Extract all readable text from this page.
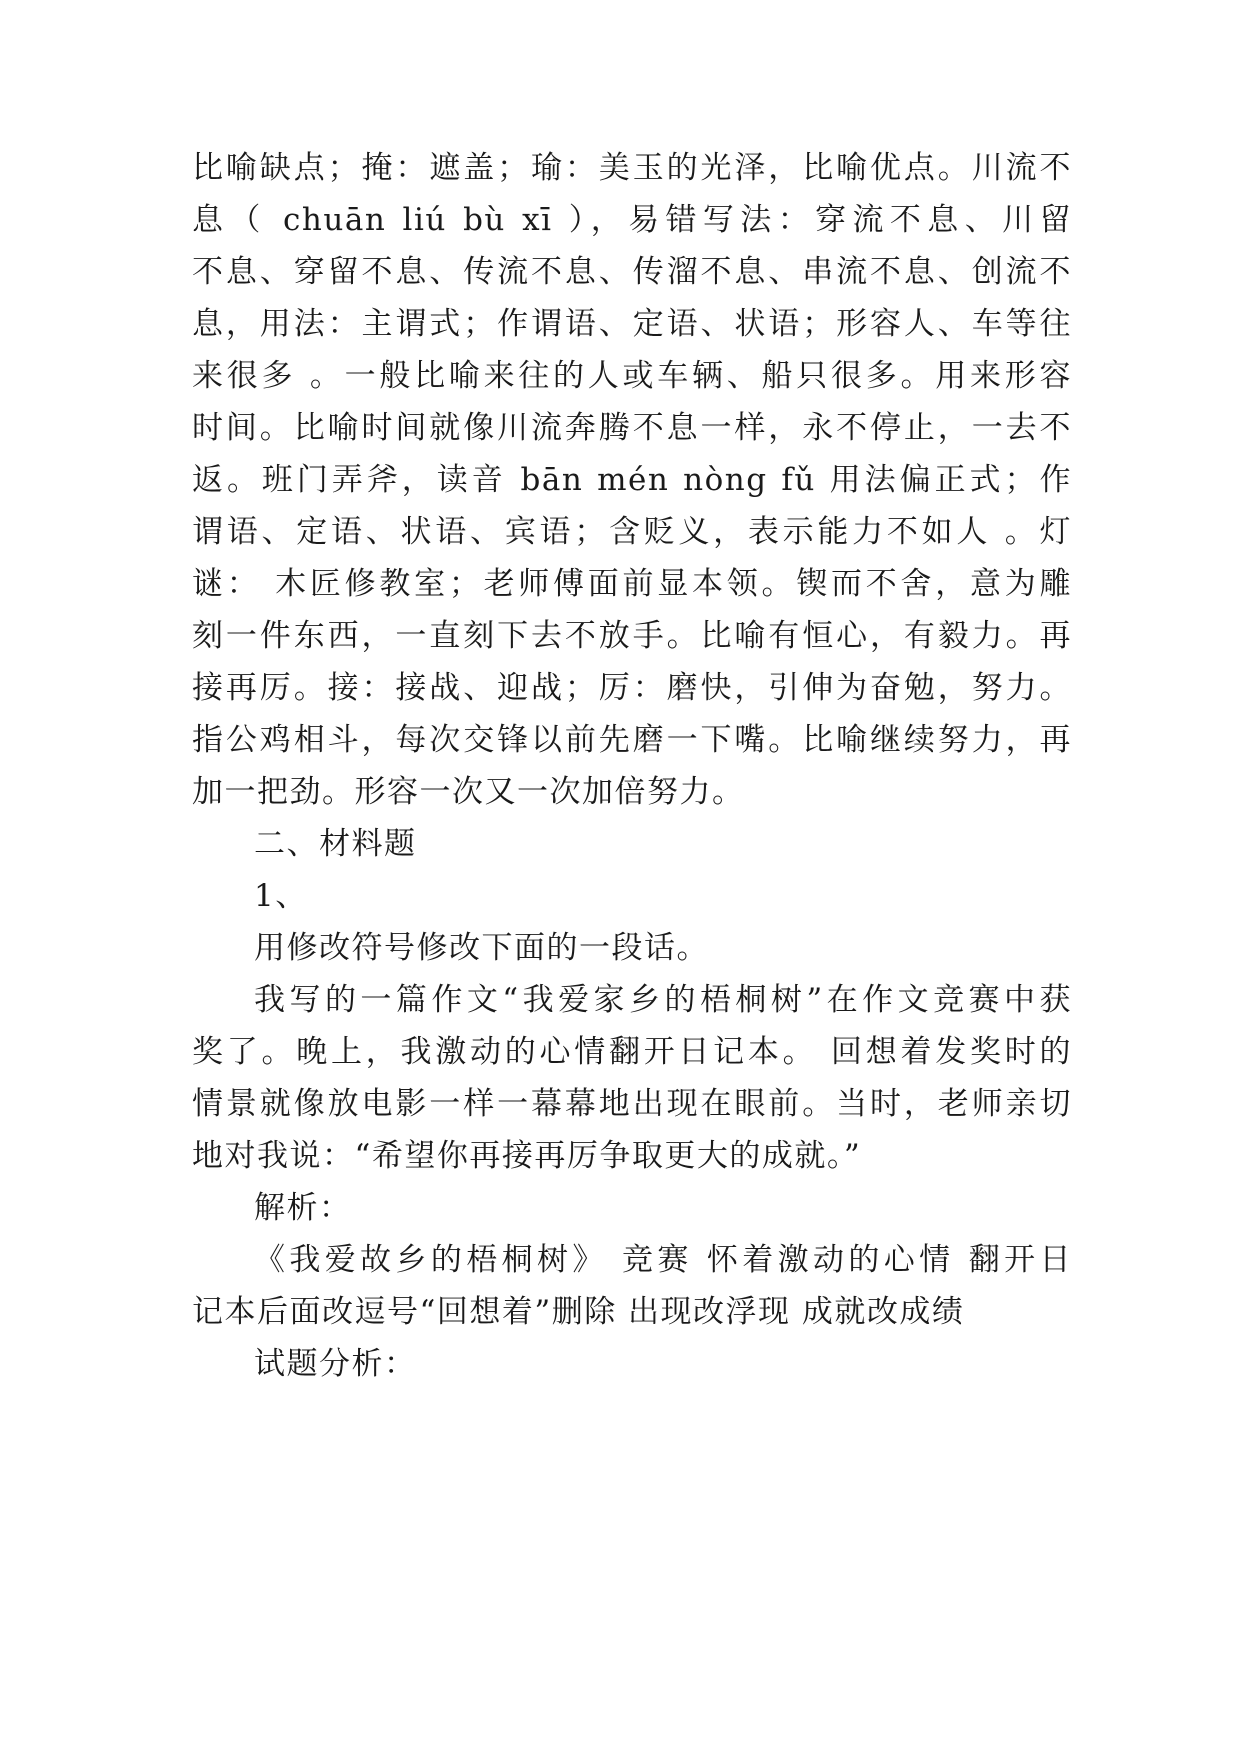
比喻缺点；掩：遮盖；瑜：美玉的光泽，比喻优点。川流不
息（ chuān liú bù xī ），易错写法：穿流不息、川留
不息、穿留不息、传流不息、传溜不息、串流不息、创流不
息，用法：主谓式；作谓语、定语、状语；形容人、车等往
来很多 。一般比喻来往的人或车辆、船只很多。用来形容
时间。比喻时间就像川流奔腾不息一样，永不停止，一去不
返。班门弄斧，读音 bān mén nòng fǔ 用法偏正式；作
谓语、定语、状语、宾语；含贬义，表示能力不如人 。灯
谜： 木匠修教室；老师傅面前显本领。锲而不舍，意为雕
刻一件东西，一直刻下去不放手。比喻有恒心，有毅力。再
接再厉。接：接战、迎战；厉：磨快，引伸为奋勉，努力。
指公鸡相斗，每次交锋以前先磨一下嘴。比喻继续努力，再
加一把劲。形容一次又一次加倍努力。
二、材料题
1、
用修改符号修改下面的一段话。
我写的一篇作文“我爱家乡的梧桐树”在作文竞赛中获
奖了。晚上，我激动的心情翻开日记本。 回想着发奖时的
情景就像放电影一样一幕幕地出现在眼前。当时，老师亲切
地对我说：“希望你再接再厉争取更大的成就。”
解析：
《我爱故乡的梧桐树》 竞赛 怀着激动的心情 翻开日
记本后面改逗号“回想着”删除 出现改浮现 成就改成绩
试题分析：
